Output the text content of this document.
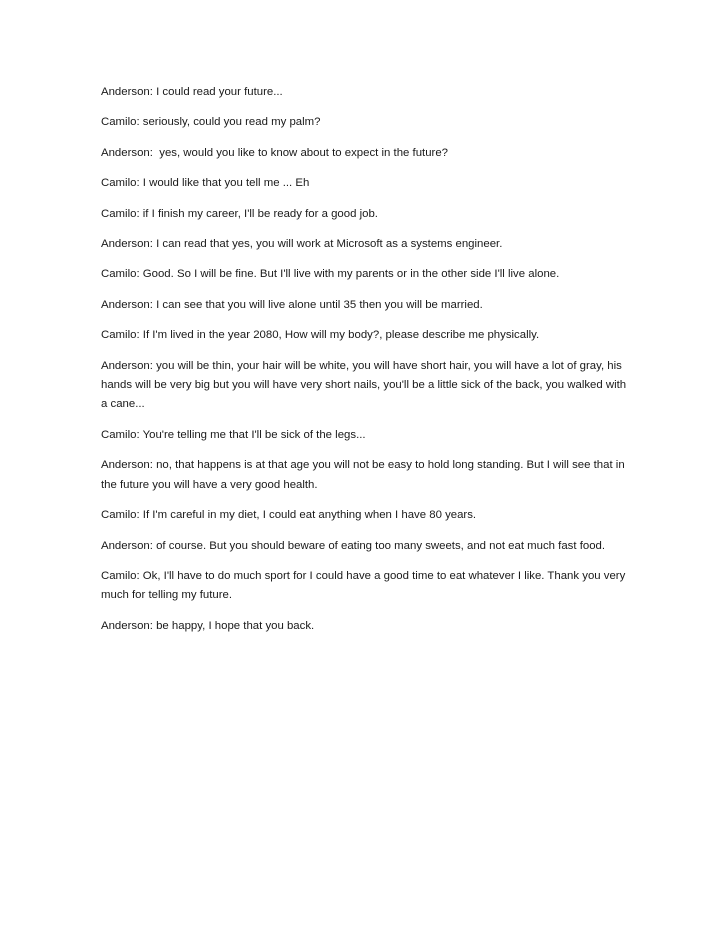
Anderson: I could read your future...

Camilo: seriously, could you read my palm?

Anderson:  yes, would you like to know about to expect in the future?

Camilo: I would like that you tell me ... Eh

Camilo: if I finish my career, I'll be ready for a good job.

Anderson: I can read that yes, you will work at Microsoft as a systems engineer.

Camilo: Good. So I will be fine. But I'll live with my parents or in the other side I'll live alone.

Anderson: I can see that you will live alone until 35 then you will be married.

Camilo: If I'm lived in the year 2080, How will my body?, please describe me physically.

Anderson: you will be thin, your hair will be white, you will have short hair, you will have a lot of gray, his hands will be very big but you will have very short nails, you'll be a little sick of the back, you walked with a cane...

Camilo: You're telling me that I'll be sick of the legs...

Anderson: no, that happens is at that age you will not be easy to hold long standing. But I will see that in the future you will have a very good health.

Camilo: If I'm careful in my diet, I could eat anything when I have 80 years.

Anderson: of course. But you should beware of eating too many sweets, and not eat much fast food.

Camilo: Ok, I'll have to do much sport for I could have a good time to eat whatever I like. Thank you very much for telling my future.

Anderson: be happy, I hope that you back.
